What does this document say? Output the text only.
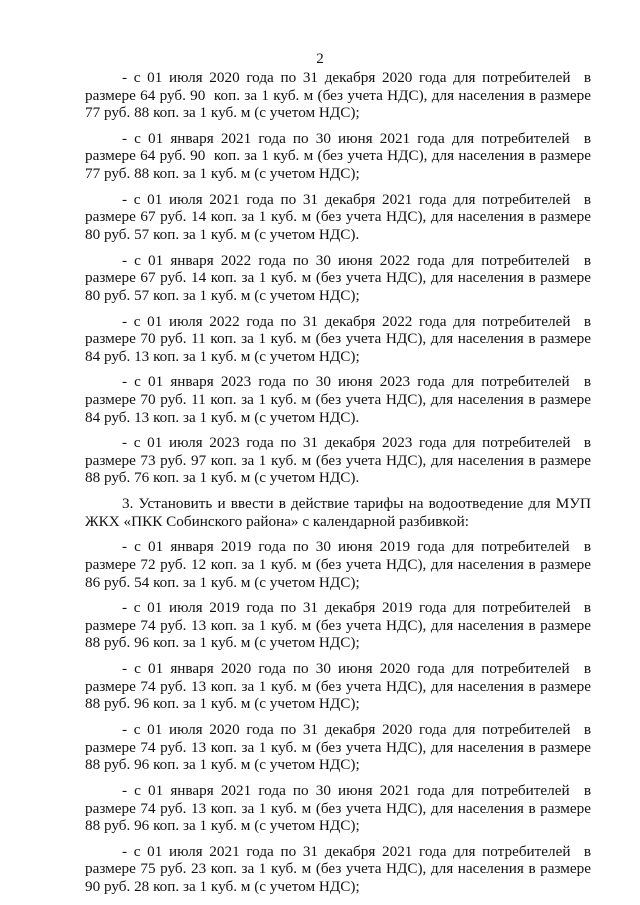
2

- с 01 июля 2020 года по 31 декабря 2020 года для потребителей  в размере 64 руб. 90  коп. за 1 куб. м (без учета НДС), для населения в размере 77 руб. 88 коп. за 1 куб. м (с учетом НДС);

- с 01 января 2021 года по 30 июня 2021 года для потребителей  в размере 64 руб. 90  коп. за 1 куб. м (без учета НДС), для населения в размере 77 руб. 88 коп. за 1 куб. м (с учетом НДС);

- с 01 июля 2021 года по 31 декабря 2021 года для потребителей  в размере 67 руб. 14 коп. за 1 куб. м (без учета НДС), для населения в размере 80 руб. 57 коп. за 1 куб. м (с учетом НДС).

- с 01 января 2022 года по 30 июня 2022 года для потребителей  в размере 67 руб. 14 коп. за 1 куб. м (без учета НДС), для населения в размере 80 руб. 57 коп. за 1 куб. м (с учетом НДС);

- с 01 июля 2022 года по 31 декабря 2022 года для потребителей  в размере 70 руб. 11 коп. за 1 куб. м (без учета НДС), для населения в размере 84 руб. 13 коп. за 1 куб. м (с учетом НДС);

- с 01 января 2023 года по 30 июня 2023 года для потребителей  в размере 70 руб. 11 коп. за 1 куб. м (без учета НДС), для населения в размере 84 руб. 13 коп. за 1 куб. м (с учетом НДС).

- с 01 июля 2023 года по 31 декабря 2023 года для потребителей  в размере 73 руб. 97 коп. за 1 куб. м (без учета НДС), для населения в размере 88 руб. 76 коп. за 1 куб. м (с учетом НДС).

3. Установить и ввести в действие тарифы на водоотведение для МУП ЖКХ «ПКК Собинского района» с календарной разбивкой:

- с 01 января 2019 года по 30 июня 2019 года для потребителей  в размере 72 руб. 12 коп. за 1 куб. м (без учета НДС), для населения в размере 86 руб. 54 коп. за 1 куб. м (с учетом НДС);

- с 01 июля 2019 года по 31 декабря 2019 года для потребителей  в размере 74 руб. 13 коп. за 1 куб. м (без учета НДС), для населения в размере 88 руб. 96 коп. за 1 куб. м (с учетом НДС);

- с 01 января 2020 года по 30 июня 2020 года для потребителей  в размере 74 руб. 13 коп. за 1 куб. м (без учета НДС), для населения в размере 88 руб. 96 коп. за 1 куб. м (с учетом НДС);

- с 01 июля 2020 года по 31 декабря 2020 года для потребителей  в размере 74 руб. 13 коп. за 1 куб. м (без учета НДС), для населения в размере 88 руб. 96 коп. за 1 куб. м (с учетом НДС);

- с 01 января 2021 года по 30 июня 2021 года для потребителей  в размере 74 руб. 13 коп. за 1 куб. м (без учета НДС), для населения в размере 88 руб. 96 коп. за 1 куб. м (с учетом НДС);

- с 01 июля 2021 года по 31 декабря 2021 года для потребителей  в размере 75 руб. 23 коп. за 1 куб. м (без учета НДС), для населения в размере 90 руб. 28 коп. за 1 куб. м (с учетом НДС);
